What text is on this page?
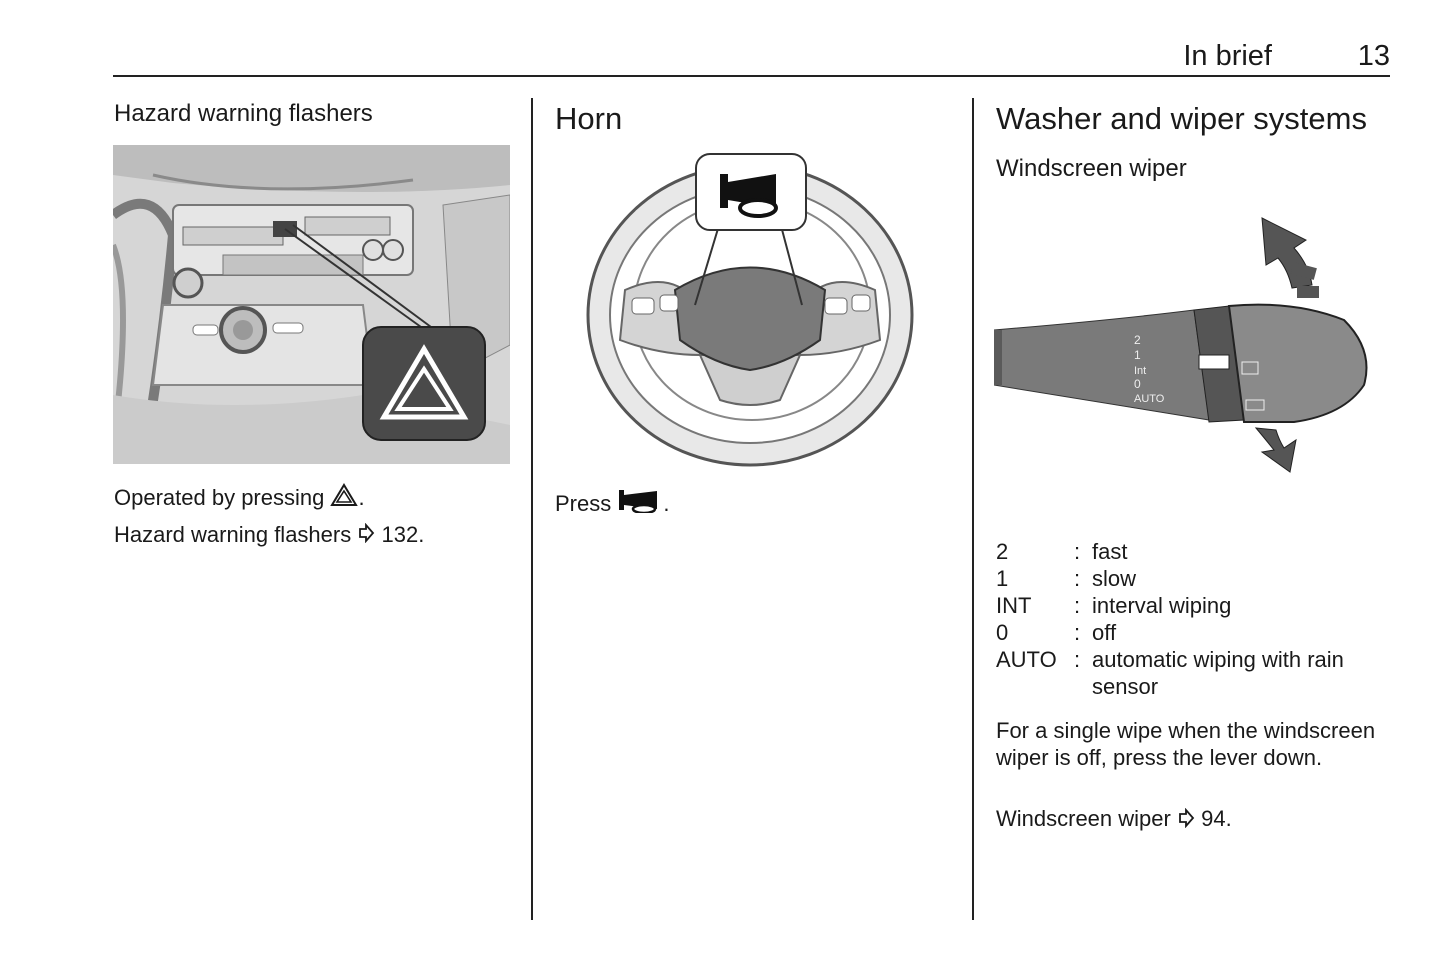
In brief	13
Hazard warning flashers

Operated by pressing .

Hazard warning flashers 132.

Horn

Press .

Washer and wiper systems
Windscreen wiper
2
1
Int
0
AUTO
2	: fast
1	: slow
INT	: interval wiping
0	: off
AUTO : automatic wiping with rain sensor
For a single wipe when the windscreen wiper is off, press the lever down.

Windscreen wiper 94.
